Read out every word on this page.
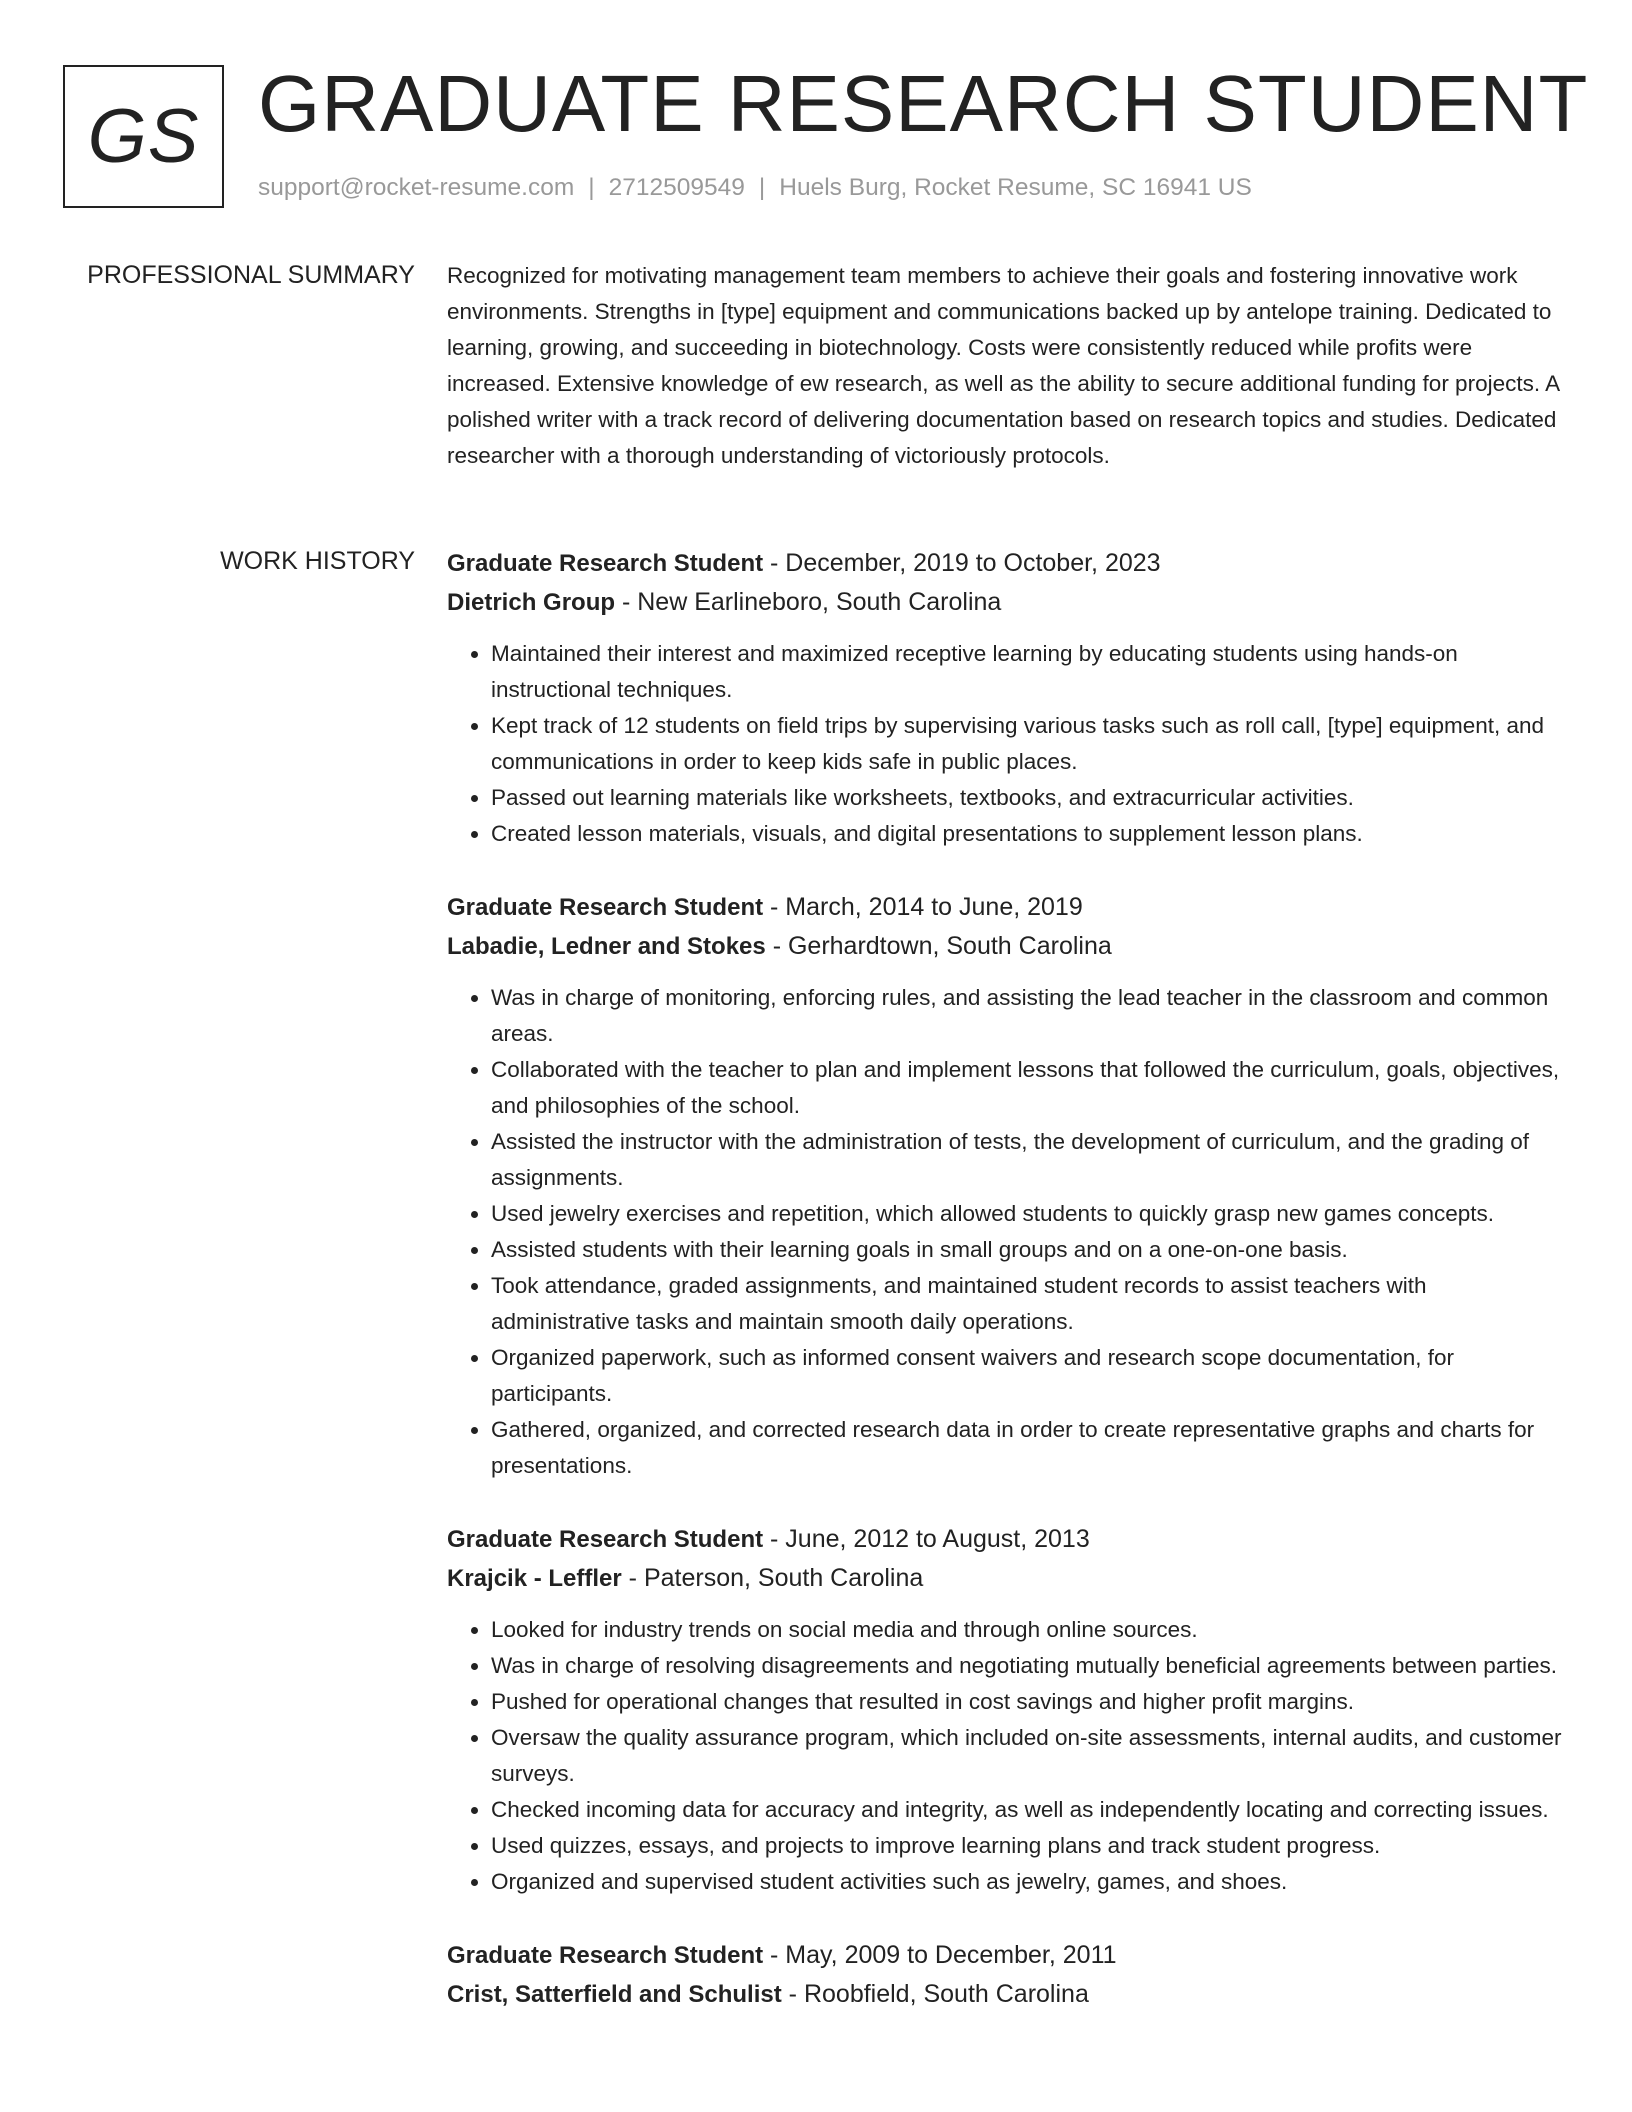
GS GRADUATE RESEARCH STUDENT
support@rocket-resume.com | 2712509549 | Huels Burg, Rocket Resume, SC 16941 US
PROFESSIONAL SUMMARY Recognized for motivating management team members to achieve their goals and fostering innovative work environments. Strengths in [type] equipment and communications backed up by antelope training. Dedicated to learning, growing, and succeeding in biotechnology. Costs were consistently reduced while profits were increased. Extensive knowledge of ew research, as well as the ability to secure additional funding for projects. A polished writer with a track record of delivering documentation based on research topics and studies. Dedicated researcher with a thorough understanding of victoriously protocols.

WORK HISTORY Graduate Research Student - December, 2019 to October, 2023
Dietrich Group - New Earlineboro, South Carolina
• Maintained their interest and maximized receptive learning by educating students using hands-on instructional techniques.
• Kept track of 12 students on field trips by supervising various tasks such as roll call, [type] equipment, and communications in order to keep kids safe in public places.
• Passed out learning materials like worksheets, textbooks, and extracurricular activities.
• Created lesson materials, visuals, and digital presentations to supplement lesson plans.
Graduate Research Student - March, 2014 to June, 2019
Labadie, Ledner and Stokes - Gerhardtown, South Carolina
• Was in charge of monitoring, enforcing rules, and assisting the lead teacher in the classroom and common areas.
• Collaborated with the teacher to plan and implement lessons that followed the curriculum, goals, objectives, and philosophies of the school.
• Assisted the instructor with the administration of tests, the development of curriculum, and the grading of assignments.
• Used jewelry exercises and repetition, which allowed students to quickly grasp new games concepts.
• Assisted students with their learning goals in small groups and on a one-on-one basis.
• Took attendance, graded assignments, and maintained student records to assist teachers with administrative tasks and maintain smooth daily operations.
• Organized paperwork, such as informed consent waivers and research scope documentation, for participants.
• Gathered, organized, and corrected research data in order to create representative graphs and charts for presentations.
Graduate Research Student - June, 2012 to August, 2013
Krajcik - Leffler - Paterson, South Carolina
• Looked for industry trends on social media and through online sources.
• Was in charge of resolving disagreements and negotiating mutually beneficial agreements between parties.
• Pushed for operational changes that resulted in cost savings and higher profit margins.
• Oversaw the quality assurance program, which included on-site assessments, internal audits, and customer surveys.
• Checked incoming data for accuracy and integrity, as well as independently locating and correcting issues.
• Used quizzes, essays, and projects to improve learning plans and track student progress.
• Organized and supervised student activities such as jewelry, games, and shoes.
Graduate Research Student - May, 2009 to December, 2011
Crist, Satterfield and Schulist - Roobfield, South Carolina
